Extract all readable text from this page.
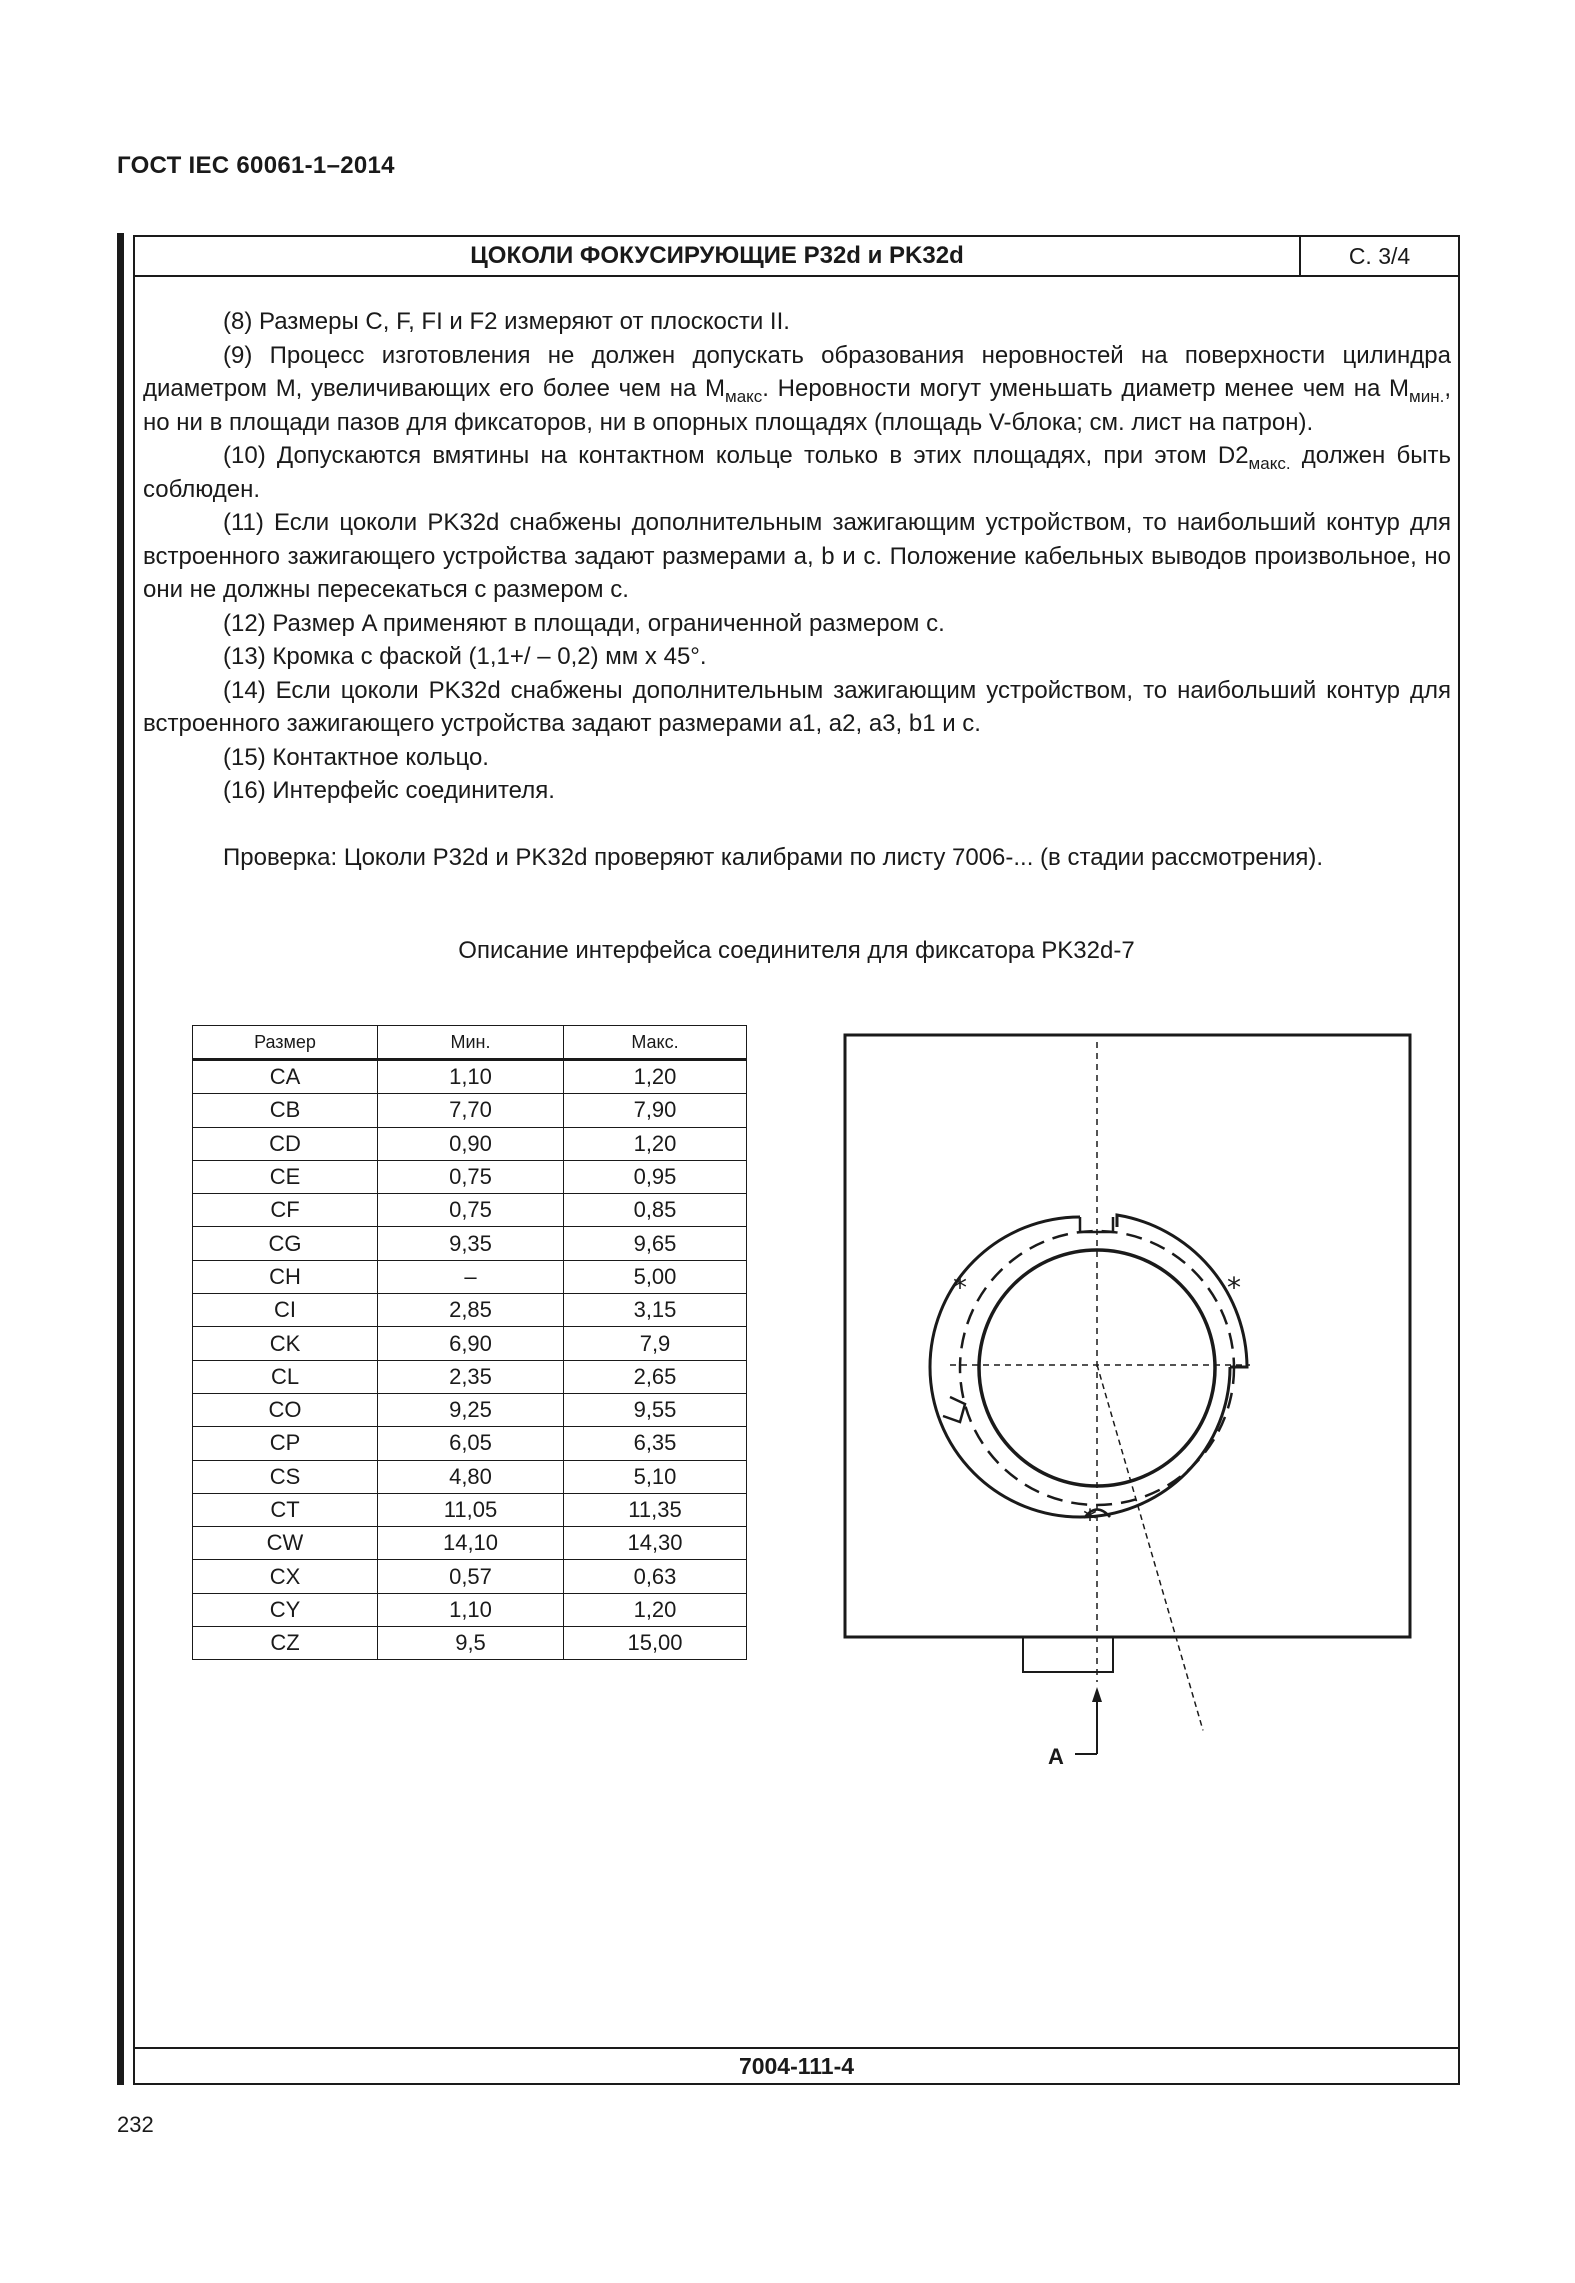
ГОСТ IEC 60061-1–2014
ЦОКОЛИ ФОКУСИРУЮЩИЕ P32d и PK32d	С. 3/4

(8) Размеры C, F, FI и F2 измеряют от плоскости II.

(9) Процесс изготовления не должен допускать образования неровностей на поверхности цилиндра диаметром M, увеличивающих его более чем на $M_{макс}$. Неровности могут уменьшать диаметр менее чем на $M_{мин.}$, но ни в площади пазов для фиксаторов, ни в опорных площадях (площадь V-блока; см. лист на патрон).

(10) Допускаются вмятины на контактном кольце только в этих площадях, при этом $D2_{макс.}$ должен быть соблюден.

(11) Если цоколи PK32d снабжены дополнительным зажигающим устройством, то наибольший контур для встроенного зажигающего устройства задают размерами a, b и c. Положение кабельных выводов произвольное, но они не должны пересекаться с размером c.

(12) Размер A применяют в площади, ограниченной размером c.

(13) Кромка с фаской (1,1+/ – 0,2) мм x 45°.

(14) Если цоколи PK32d снабжены дополнительным зажигающим устройством, то наибольший контур для встроенного зажигающего устройства задают размерами a1, a2, a3, b1 и c.

(15) Контактное кольцо.

(16) Интерфейс соединителя.

Проверка: Цоколи P32d и PK32d проверяют калибрами по листу 7006-... (в стадии рассмотрения).

Описание интерфейса соединителя для фиксатора PK32d-7
Размер	Мин.	Макс.
CA	1,10	1,20
CB	7,70	7,90
CD	0,90	1,20
CE	0,75	0,95
CF	0,75	0,85
CG	9,35	9,65
CH	–	5,00
CI	2,85	3,15
CK	6,90	7,9
CL	2,35	2,65
CO	9,25	9,55
CP	6,05	6,35
CS	4,80	5,10
CT	11,05	11,35
CW	14,10	14,30
CX	0,57	0,63
CY	1,10	1,20
CZ	9,5	15,00
*	*
*
A
7004-111-4
232
